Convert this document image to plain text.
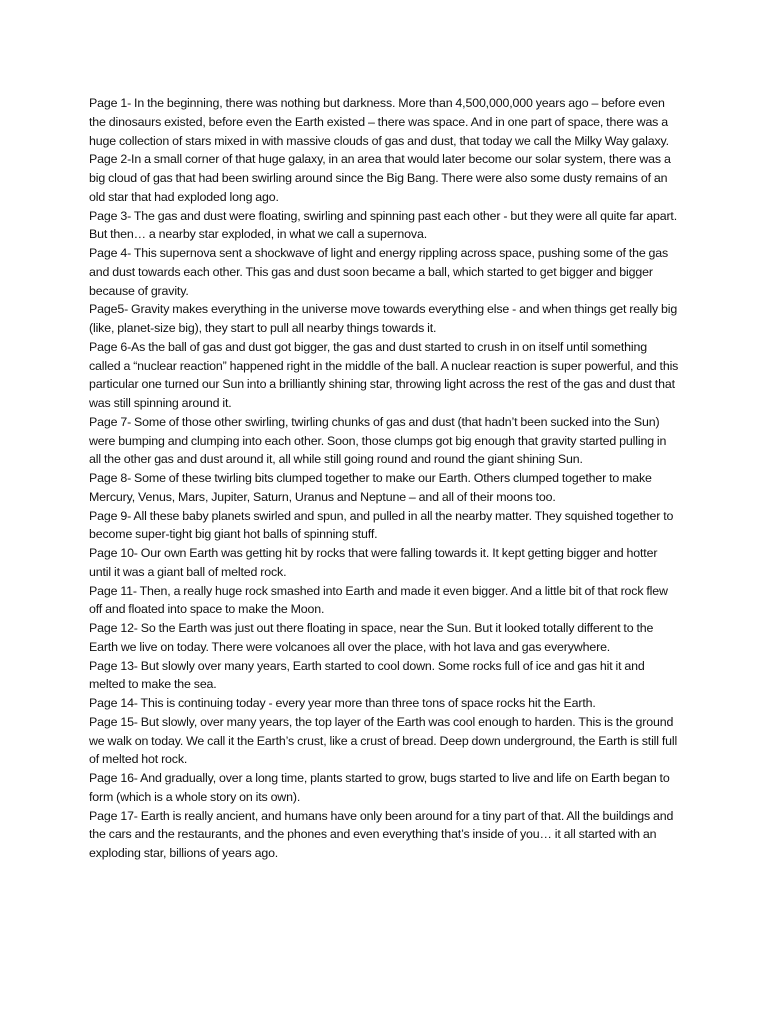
Page 1- In the beginning, there was nothing but darkness. More than 4,500,000,000 years ago – before even the dinosaurs existed, before even the Earth existed – there was space. And in one part of space, there was a huge collection of stars mixed in with massive clouds of gas and dust, that today we call the Milky Way galaxy.

Page 2-In a small corner of that huge galaxy, in an area that would later become our solar system, there was a big cloud of gas that had been swirling around since the Big Bang. There were also some dusty remains of an old star that had exploded long ago.

Page 3- The gas and dust were floating, swirling and spinning past each other - but they were all quite far apart. But then… a nearby star exploded, in what we call a supernova.

Page 4- This supernova sent a shockwave of light and energy rippling across space, pushing some of the gas and dust towards each other. This gas and dust soon became a ball, which started to get bigger and bigger because of gravity.

Page5- Gravity makes everything in the universe move towards everything else - and when things get really big (like, planet-size big), they start to pull all nearby things towards it.

Page 6-As the ball of gas and dust got bigger, the gas and dust started to crush in on itself until something called a “nuclear reaction” happened right in the middle of the ball. A nuclear reaction is super powerful, and this particular one turned our Sun into a brilliantly shining star, throwing light across the rest of the gas and dust that was still spinning around it.

Page 7- Some of those other swirling, twirling chunks of gas and dust (that hadn’t been sucked into the Sun) were bumping and clumping into each other. Soon, those clumps got big enough that gravity started pulling in all the other gas and dust around it, all while still going round and round the giant shining Sun.

Page 8- Some of these twirling bits clumped together to make our Earth. Others clumped together to make Mercury, Venus, Mars, Jupiter, Saturn, Uranus and Neptune – and all of their moons too.

Page 9- All these baby planets swirled and spun, and pulled in all the nearby matter. They squished together to become super-tight big giant hot balls of spinning stuff.

Page 10- Our own Earth was getting hit by rocks that were falling towards it. It kept getting bigger and hotter until it was a giant ball of melted rock.

Page 11- Then, a really huge rock smashed into Earth and made it even bigger. And a little bit of that rock flew off and floated into space to make the Moon.

Page 12- So the Earth was just out there floating in space, near the Sun. But it looked totally different to the Earth we live on today. There were volcanoes all over the place, with hot lava and gas everywhere.

Page 13- But slowly over many years, Earth started to cool down. Some rocks full of ice and gas hit it and melted to make the sea.

Page 14- This is continuing today - every year more than three tons of space rocks hit the Earth.

Page 15- But slowly, over many years, the top layer of the Earth was cool enough to harden. This is the ground we walk on today. We call it the Earth’s crust, like a crust of bread. Deep down underground, the Earth is still full of melted hot rock.

Page 16- And gradually, over a long time, plants started to grow, bugs started to live and life on Earth began to form (which is a whole story on its own).

Page 17- Earth is really ancient, and humans have only been around for a tiny part of that. All the buildings and the cars and the restaurants, and the phones and even everything that’s inside of you… it all started with an exploding star, billions of years ago.
